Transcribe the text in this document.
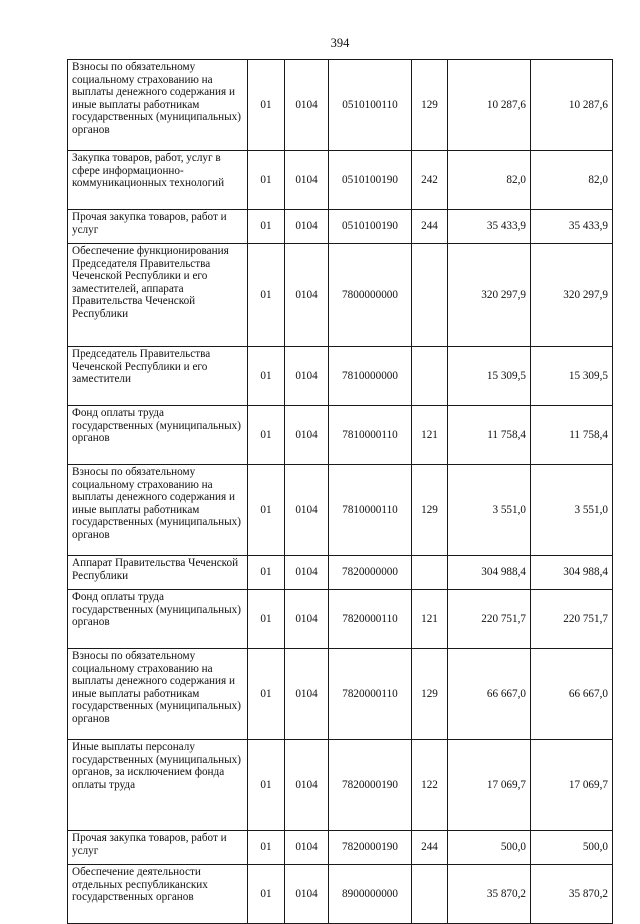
394
Взносы по обязательному социальному страхованию на выплаты денежного содержания и иные выплаты работникам государственных (муниципальных) органов	01	0104	0510100110	129	10 287,6	10 287,6
Закупка товаров, работ, услуг в сфере информационно-коммуникационных технологий	01	0104	0510100190	242	82,0	82,0
Прочая закупка товаров, работ и услуг	01	0104	0510100190	244	35 433,9	35 433,9
Обеспечение функционирования Председателя Правительства Чеченской Республики и его заместителей, аппарата Правительства Чеченской Республики	01	0104	7800000000		320 297,9	320 297,9
Председатель Правительства Чеченской Республики и его заместители	01	0104	7810000000		15 309,5	15 309,5
Фонд оплаты труда государственных (муниципальных) органов	01	0104	7810000110	121	11 758,4	11 758,4
Взносы по обязательному социальному страхованию на выплаты денежного содержания и иные выплаты работникам государственных (муниципальных) органов	01	0104	7810000110	129	3 551,0	3 551,0
Аппарат Правительства Чеченской Республики	01	0104	7820000000		304 988,4	304 988,4
Фонд оплаты труда государственных (муниципальных) органов	01	0104	7820000110	121	220 751,7	220 751,7
Взносы по обязательному социальному страхованию на выплаты денежного содержания и иные выплаты работникам государственных (муниципальных) органов	01	0104	7820000110	129	66 667,0	66 667,0
Иные выплаты персоналу государственных (муниципальных) органов, за исключением фонда оплаты труда	01	0104	7820000190	122	17 069,7	17 069,7
Прочая закупка товаров, работ и услуг	01	0104	7820000190	244	500,0	500,0
Обеспечение деятельности отдельных республиканских государственных органов	01	0104	8900000000		35 870,2	35 870,2
